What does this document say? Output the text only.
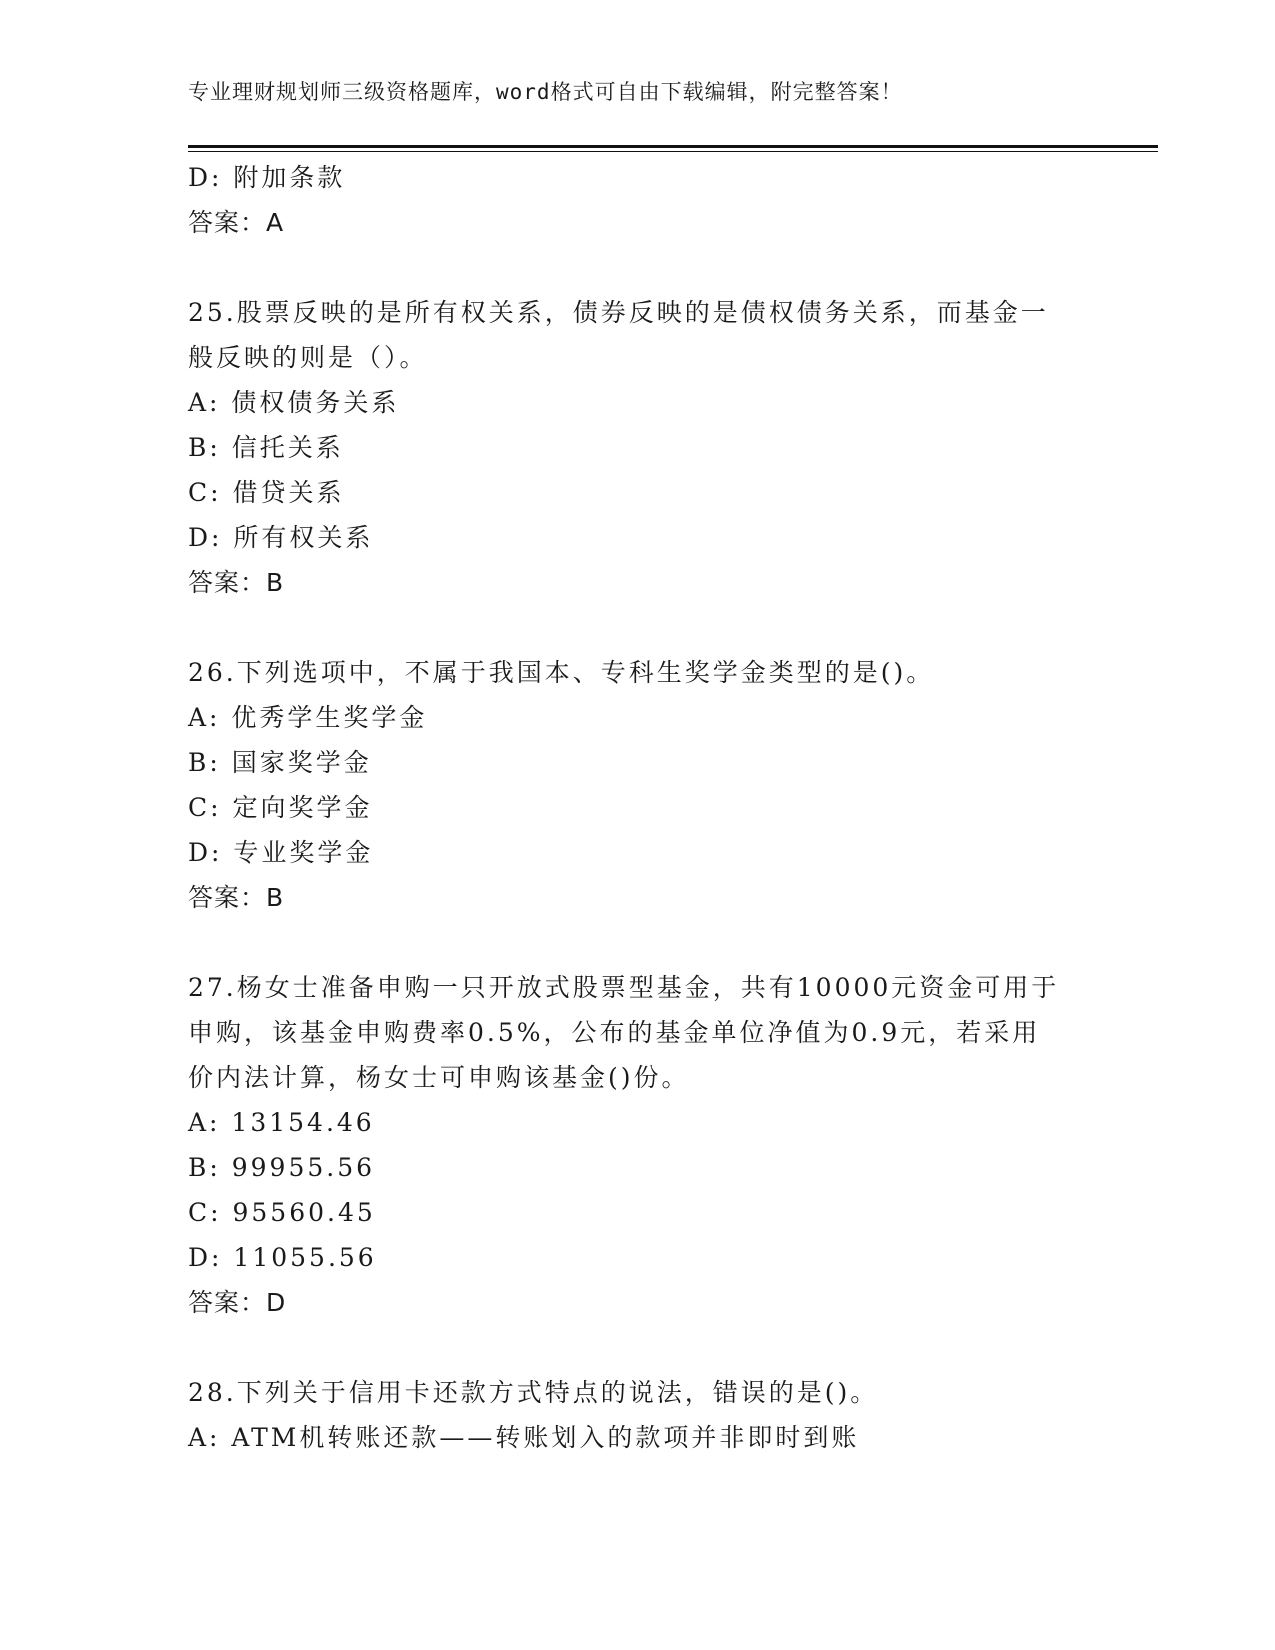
专业理财规划师三级资格题库，word格式可自由下载编辑，附完整答案！
D: 附加条款
答案：A
25.股票反映的是所有权关系，债券反映的是债权债务关系，而基金一
般反映的则是（）。
A: 债权债务关系
B: 信托关系
C: 借贷关系
D: 所有权关系
答案：B
26.下列选项中，不属于我国本、专科生奖学金类型的是()。
A: 优秀学生奖学金
B: 国家奖学金
C: 定向奖学金
D: 专业奖学金
答案：B
27.杨女士准备申购一只开放式股票型基金，共有10000元资金可用于
申购，该基金申购费率0.5%，公布的基金单位净值为0.9元，若采用
价内法计算，杨女士可申购该基金()份。
A: 13154.46
B: 99955.56
C: 95560.45
D: 11055.56
答案：D
28.下列关于信用卡还款方式特点的说法，错误的是()。
A: ATM机转账还款——转账划入的款项并非即时到账
